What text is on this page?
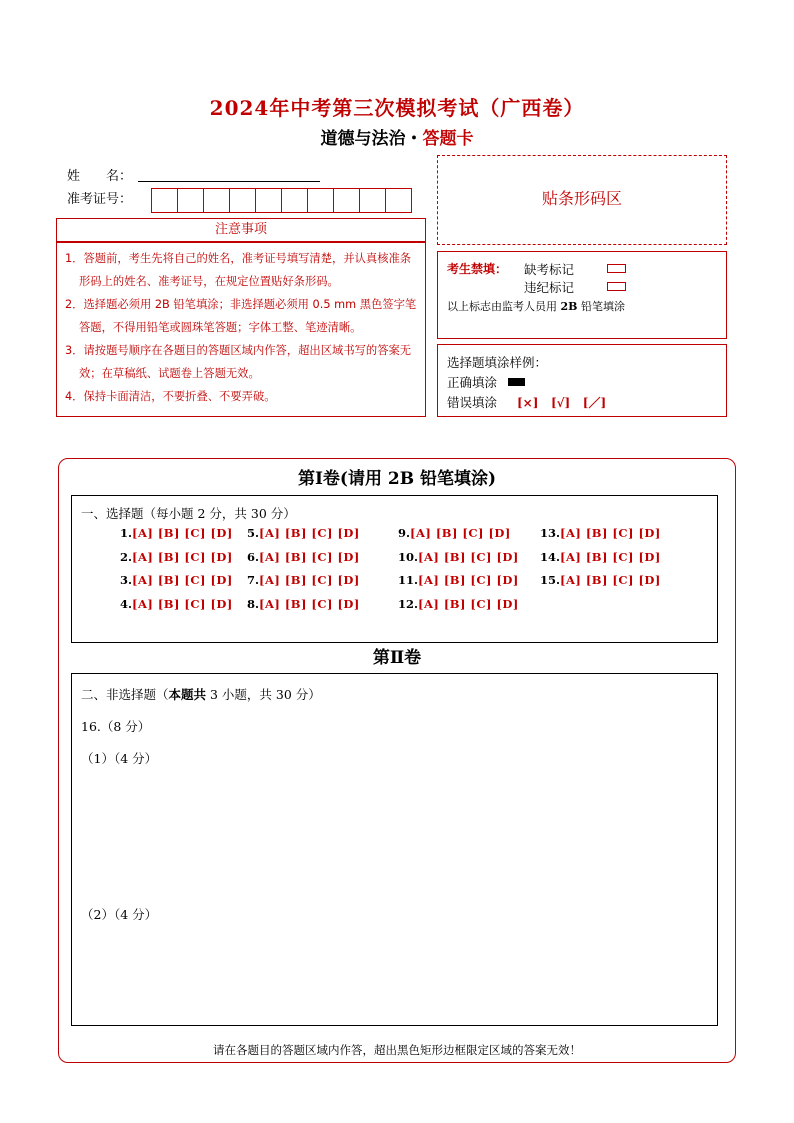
2024年中考第三次模拟考试（广西卷）
道德与法治・答题卡
姓　　名：
准考证号：	贴条形码区
注意事项
1．答题前，考生先将自己的姓名，准考证号填写清楚，并认真核准条形码上的姓名、准考证号，在规定位置贴好条形码。
2．选择题必须用 2B 铅笔填涂；非选择题必须用 0.5 mm 黑色签字笔答题，不得用铅笔或圆珠笔答题；字体工整、笔迹清晰。
3．请按题号顺序在各题目的答题区域内作答，超出区域书写的答案无效；在草稿纸、试题卷上答题无效。
4．保持卡面清洁，不要折叠、不要弄破。
考生禁填： 缺考标记
违纪标记
以上标志由监考人员用 2B 铅笔填涂
选择题填涂样例：
正确填涂
错误填涂 [×] [√] [／]
第Ⅰ卷(请用 2B 铅笔填涂)
一、选择题（每小题 2 分，共 30 分）
1.[A] [B] [C] [D]
2.[A] [B] [C] [D]
3.[A] [B] [C] [D]
4.[A] [B] [C] [D]
5.[A] [B] [C] [D]
6.[A] [B] [C] [D]
7.[A] [B] [C] [D]
8.[A] [B] [C] [D]
9.[A] [B] [C] [D]
10.[A] [B] [C] [D]
11.[A] [B] [C] [D]
12.[A] [B] [C] [D]
13.[A] [B] [C] [D]
14.[A] [B] [C] [D]
15.[A] [B] [C] [D]
第Ⅱ卷
二、非选择题（本题共 3 小题，共 30 分）
16.（8 分）
（1）（4 分）
（2）（4 分）
请在各题目的答题区域内作答，超出黑色矩形边框限定区域的答案无效！
